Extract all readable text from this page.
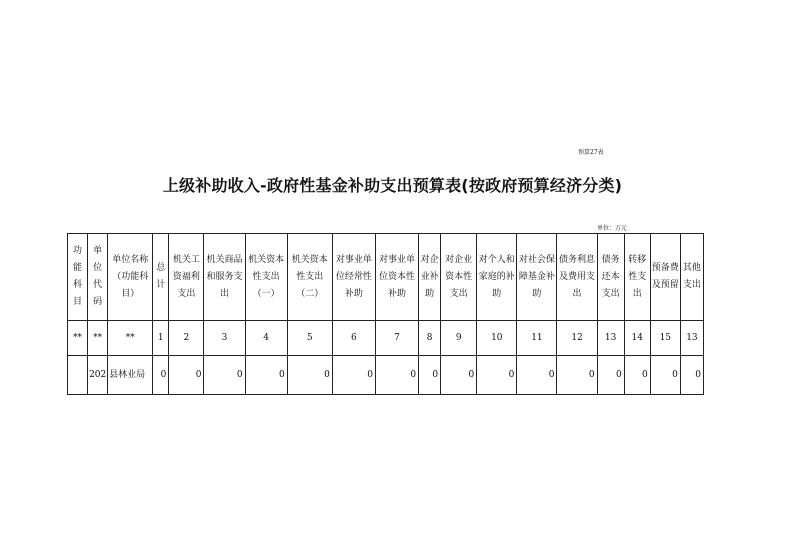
预算27表
上级补助收入-政府性基金补助支出预算表(按政府预算经济分类)
单位：万元
功能科目	单位代码	单位名称（功能科目）	总计	机关工资福利支出	机关商品和服务支出	机关资本性支出（一）	机关资本性支出（二）	对事业单位经常性补助	对事业单位资本性补助	对企业补助	对企业资本性支出	对个人和家庭的补助	对社会保障基金补助	债务利息及费用支出	债务还本支出	转移性支出	预备费及预留	其他支出
**	**	**	1	2	3	4	5	6	7	8	9	10	11	12	13	14	15	13
	202	县林业局	0	0	0	0	0	0	0	0	0	0	0	0	0	0	0	0
